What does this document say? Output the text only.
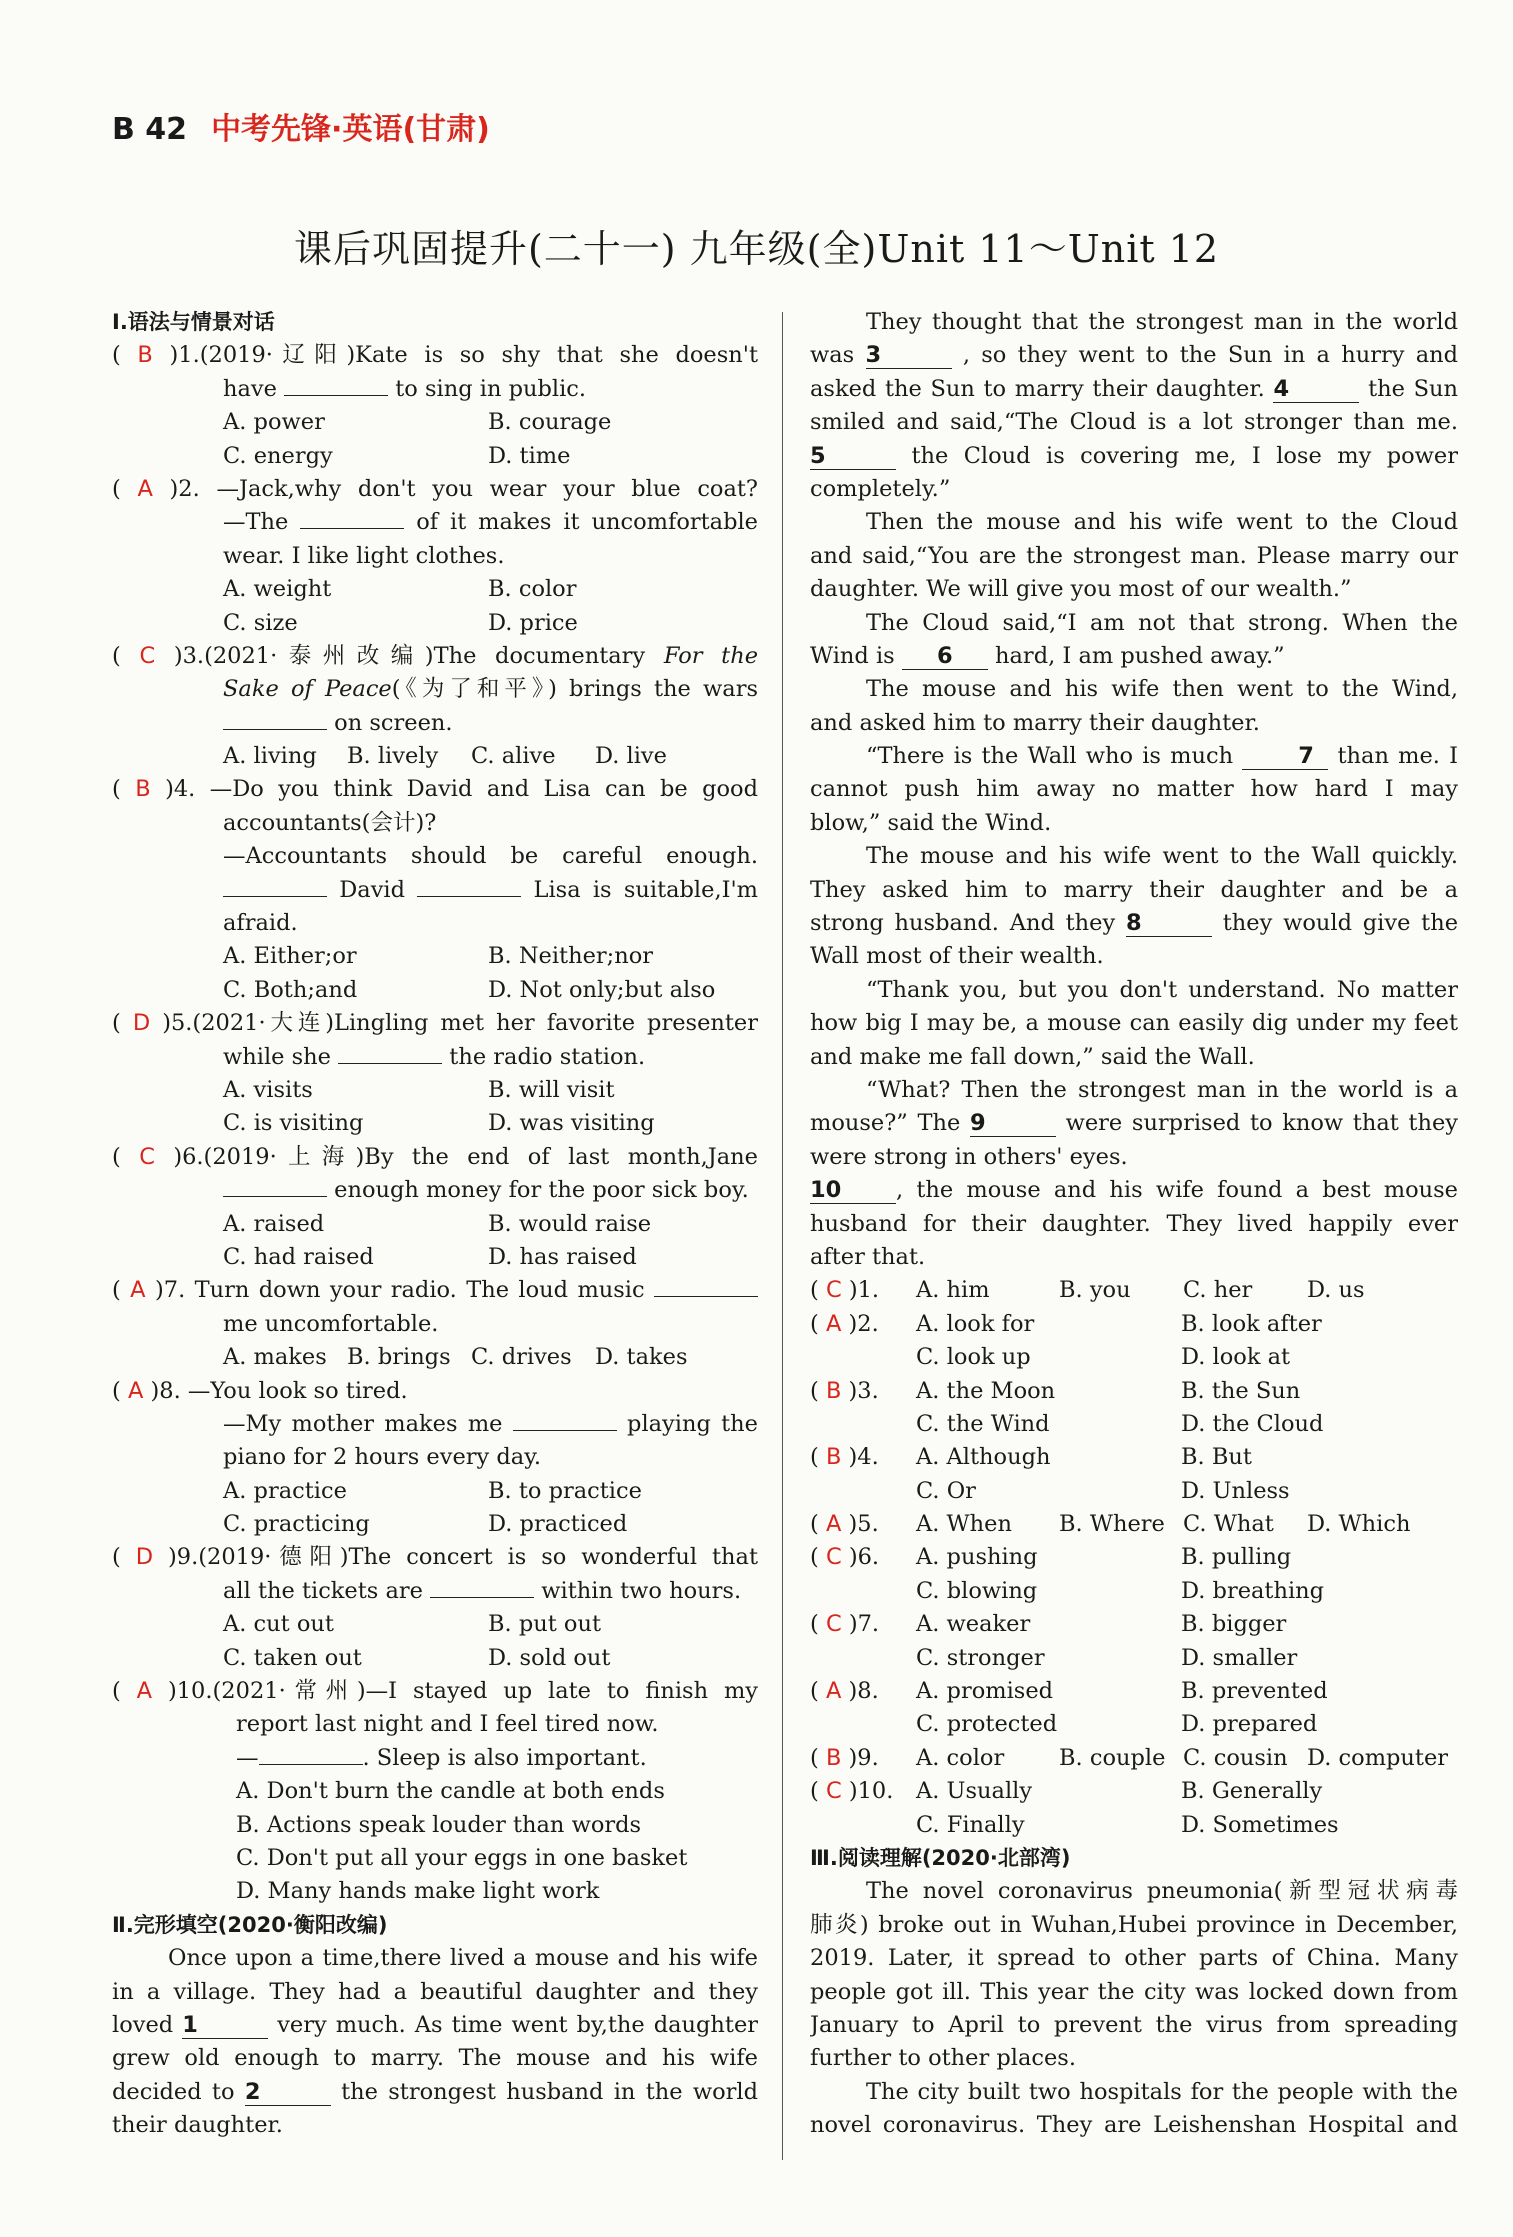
B 42 中考先锋·英语(甘肃)
课后巩固提升(二十一) 九年级(全)Unit 11～Unit 12
Ⅰ.语法与情景对话
( B )1.(2019·辽阳)Kate is so shy that she doesn't
have	to sing in public.
A. power	B. courage
C. energy	D. time
( A )2. —Jack,why don't you wear your blue coat?
—The	of it makes it uncomfortable
wear. I like light clothes.
A. weight	B. color
C. size	D. price
( C )3.(2021·泰州改编)The documentary For the
Sake of Peace(《为了和平》) brings the wars
on screen.
A. living B. lively C. alive D. live
( B )4. —Do you think David and Lisa can be good
accountants(会计)?
—Accountants should be careful enough.
David	Lisa is suitable,I'm
afraid.
A. Either;or	B. Neither;nor
C. Both;and	D. Not only;but also
( D )5.(2021·大连)Lingling met her favorite presenter
while she	the radio station.
A. visits	B. will visit
C. is visiting	D. was visiting
( C )6.(2019·上海)By the end of last month,Jane
enough money for the poor sick boy.
A. raised	B. would raise
C. had raised	D. has raised
( A )7. Turn down your radio. The loud music
me uncomfortable.
A. makes B. brings C. drives D. takes
( A )8. —You look so tired.
—My mother makes me	playing the
piano for 2 hours every day.
A. practice	B. to practice
C. practicing	D. practiced
( D )9.(2019·德阳)The concert is so wonderful that
all the tickets are	within two hours.
A. cut out	B. put out
C. taken out	D. sold out
( A )10.(2021·常州)—I stayed up late to finish my
report last night and I feel tired now.
—	. Sleep is also important.
A. Don't burn the candle at both ends
B. Actions speak louder than words
C. Don't put all your eggs in one basket
D. Many hands make light work
Ⅱ.完形填空(2020·衡阳改编)
Once upon a time,there lived a mouse and his wife
in a village. They had a beautiful daughter and they
loved 1	very much. As time went by,the daughter
grew old enough to marry. The mouse and his wife
decided to 2	the strongest husband in the world
their daughter.
They thought that the strongest man in the world
was 3	, so they went to the Sun in a hurry and
asked the Sun to marry their daughter. 4	the Sun
smiled and said,“The Cloud is a lot stronger than me.
5	the Cloud is covering me, I lose my power
completely.”
Then the mouse and his wife went to the Cloud
and said,“You are the strongest man. Please marry our
daughter. We will give you most of our wealth.”
The Cloud said,“I am not that strong. When the
Wind is 6 hard, I am pushed away.”
The mouse and his wife then went to the Wind,
and asked him to marry their daughter.
“There is the Wall who is much	7 than me. I
cannot push him away no matter how hard I may
blow,” said the Wind.
The mouse and his wife went to the Wall quickly.
They asked him to marry their daughter and be a
strong husband. And they 8	they would give the
Wall most of their wealth.
“Thank you, but you don't understand. No matter
how big I may be, a mouse can easily dig under my feet
and make me fall down,” said the Wall.
“What? Then the strongest man in the world is a
mouse?” The 9	were surprised to know that they
were strong in others' eyes.
10 , the mouse and his wife found a best mouse
husband for their daughter. They lived happily ever
after that.
( C )1. A. him	B. you C. her D. us
( A )2. A. look for	B. look after
C. look up	D. look at
( B )3. A. the Moon	B. the Sun
C. the Wind	D. the Cloud
( B )4. A. Although	B. But
C. Or	D. Unless
( A )5. A. When B. Where C. What D. Which
( C )6. A. pushing	B. pulling
C. blowing	D. breathing
( C )7. A. weaker	B. bigger
C. stronger	D. smaller
( A )8. A. promised	B. prevented
C. protected	D. prepared
( B )9. A. color B. couple C. cousin D. computer
( C )10. A. Usually	B. Generally
C. Finally	D. Sometimes
Ⅲ.阅读理解(2020·北部湾)
The novel coronavirus pneumonia(新型冠状病毒
肺炎) broke out in Wuhan,Hubei province in December,
2019. Later, it spread to other parts of China. Many
people got ill. This year the city was locked down from
January to April to prevent the virus from spreading
further to other places.
The city built two hospitals for the people with the
novel coronavirus. They are Leishenshan Hospital and
